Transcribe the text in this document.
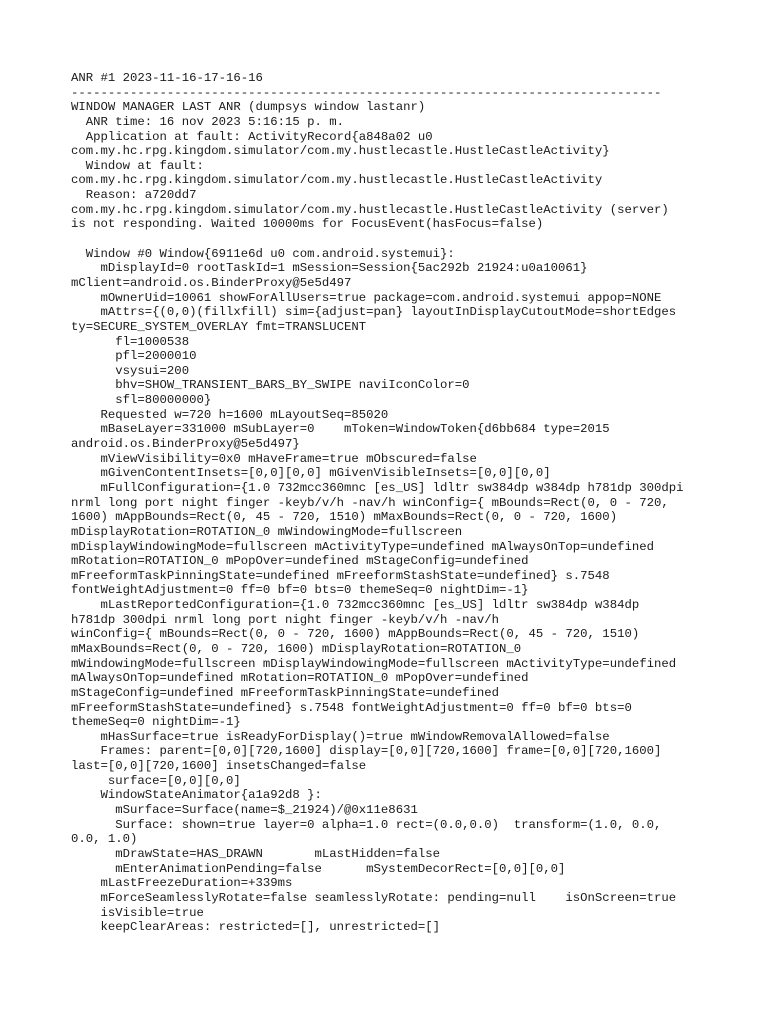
ANR #1 2023-11-16-17-16-16
--------------------------------------------------------------------------------
WINDOW MANAGER LAST ANR (dumpsys window lastanr)
ANR time: 16 nov 2023 5:16:15 p. m.
Application at fault: ActivityRecord{a848a02 u0
com.my.hc.rpg.kingdom.simulator/com.my.hustlecastle.HustleCastleActivity}
Window at fault:
com.my.hc.rpg.kingdom.simulator/com.my.hustlecastle.HustleCastleActivity
Reason: a720dd7
com.my.hc.rpg.kingdom.simulator/com.my.hustlecastle.HustleCastleActivity (server)
is not responding. Waited 10000ms for FocusEvent(hasFocus=false)
Window #0 Window{6911e6d u0 com.android.systemui}:
mDisplayId=0 rootTaskId=1 mSession=Session{5ac292b 21924:u0a10061}
mClient=android.os.BinderProxy@5e5d497
mOwnerUid=10061 showForAllUsers=true package=com.android.systemui appop=NONE
mAttrs={(0,0)(fillxfill) sim={adjust=pan} layoutInDisplayCutoutMode=shortEdges
ty=SECURE_SYSTEM_OVERLAY fmt=TRANSLUCENT
fl=1000538
pfl=2000010
vsysui=200
bhv=SHOW_TRANSIENT_BARS_BY_SWIPE naviIconColor=0
sfl=80000000}
Requested w=720 h=1600 mLayoutSeq=85020
mBaseLayer=331000 mSubLayer=0    mToken=WindowToken{d6bb684 type=2015
android.os.BinderProxy@5e5d497}
mViewVisibility=0x0 mHaveFrame=true mObscured=false
mGivenContentInsets=[0,0][0,0] mGivenVisibleInsets=[0,0][0,0]
mFullConfiguration={1.0 732mcc360mnc [es_US] ldltr sw384dp w384dp h781dp 300dpi
nrml long port night finger -keyb/v/h -nav/h winConfig={ mBounds=Rect(0, 0 - 720,
1600) mAppBounds=Rect(0, 45 - 720, 1510) mMaxBounds=Rect(0, 0 - 720, 1600)
mDisplayRotation=ROTATION_0 mWindowingMode=fullscreen
mDisplayWindowingMode=fullscreen mActivityType=undefined mAlwaysOnTop=undefined
mRotation=ROTATION_0 mPopOver=undefined mStageConfig=undefined
mFreeformTaskPinningState=undefined mFreeformStashState=undefined} s.7548
fontWeightAdjustment=0 ff=0 bf=0 bts=0 themeSeq=0 nightDim=-1}
mLastReportedConfiguration={1.0 732mcc360mnc [es_US] ldltr sw384dp w384dp
h781dp 300dpi nrml long port night finger -keyb/v/h -nav/h
winConfig={ mBounds=Rect(0, 0 - 720, 1600) mAppBounds=Rect(0, 45 - 720, 1510)
mMaxBounds=Rect(0, 0 - 720, 1600) mDisplayRotation=ROTATION_0
mWindowingMode=fullscreen mDisplayWindowingMode=fullscreen mActivityType=undefined
mAlwaysOnTop=undefined mRotation=ROTATION_0 mPopOver=undefined
mStageConfig=undefined mFreeformTaskPinningState=undefined
mFreeformStashState=undefined} s.7548 fontWeightAdjustment=0 ff=0 bf=0 bts=0
themeSeq=0 nightDim=-1}
mHasSurface=true isReadyForDisplay()=true mWindowRemovalAllowed=false
Frames: parent=[0,0][720,1600] display=[0,0][720,1600] frame=[0,0][720,1600]
last=[0,0][720,1600] insetsChanged=false
surface=[0,0][0,0]
WindowStateAnimator{a1a92d8 }:
mSurface=Surface(name=$_21924)/@0x11e8631
Surface: shown=true layer=0 alpha=1.0 rect=(0.0,0.0)  transform=(1.0, 0.0,
0.0, 1.0)
mDrawState=HAS_DRAWN       mLastHidden=false
mEnterAnimationPending=false      mSystemDecorRect=[0,0][0,0]
mLastFreezeDuration=+339ms
mForceSeamlesslyRotate=false seamlesslyRotate: pending=null    isOnScreen=true
isVisible=true
keepClearAreas: restricted=[], unrestricted=[]
